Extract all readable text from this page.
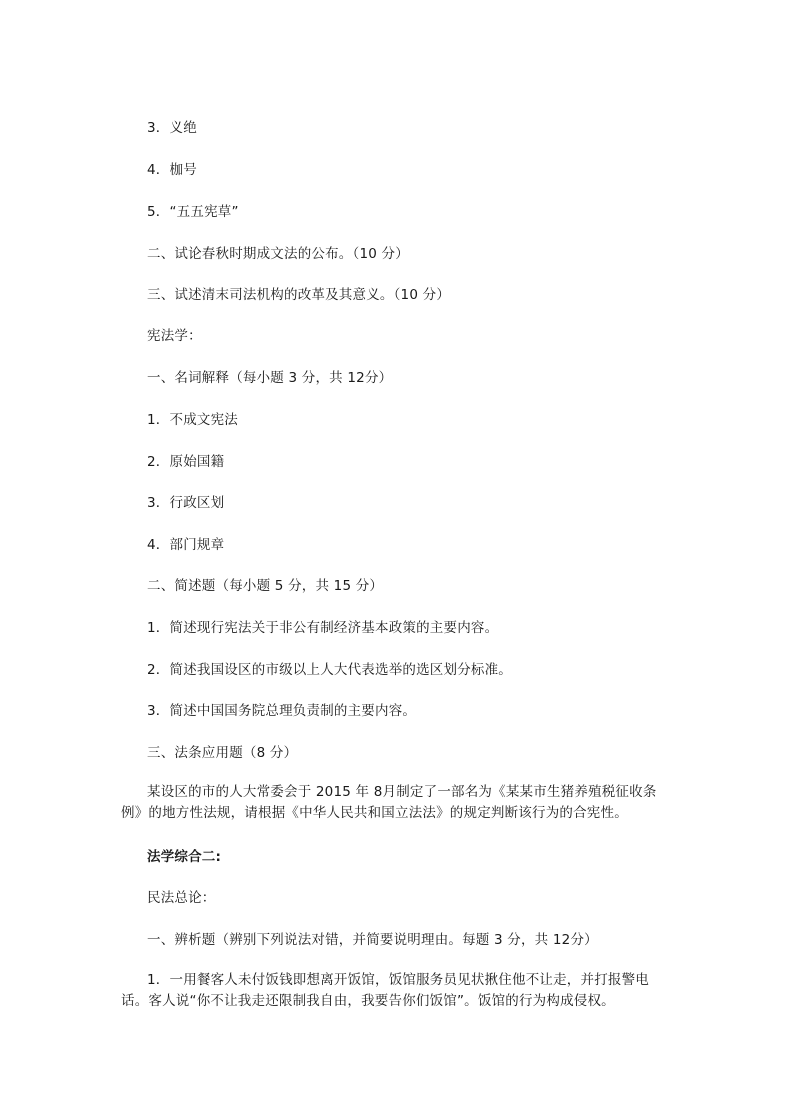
3．义绝
4．枷号
5．“五五宪草”
二、试论春秋时期成文法的公布。（10 分）
三、试述清末司法机构的改革及其意义。（10 分）
宪法学：
一、名词解释（每小题 3 分，共 12分）
1．不成文宪法
2．原始国籍
3．行政区划
4．部门规章
二、简述题（每小题 5 分，共 15 分）
1．简述现行宪法关于非公有制经济基本政策的主要内容。
2．简述我国设区的市级以上人大代表选举的选区划分标准。
3．简述中国国务院总理负责制的主要内容。
三、法条应用题（8 分）
某设区的市的人大常委会于 2015 年 8月制定了一部名为《某某市生猪养殖税征收条例》的地方性法规，请根据《中华人民共和国立法法》的规定判断该行为的合宪性。
法学综合二:
民法总论：
一、辨析题（辨别下列说法对错，并简要说明理由。每题 3 分，共 12分）
1．一用餐客人未付饭钱即想离开饭馆，饭馆服务员见状揪住他不让走，并打报警电话。客人说“你不让我走还限制我自由，我要告你们饭馆”。饭馆的行为构成侵权。
